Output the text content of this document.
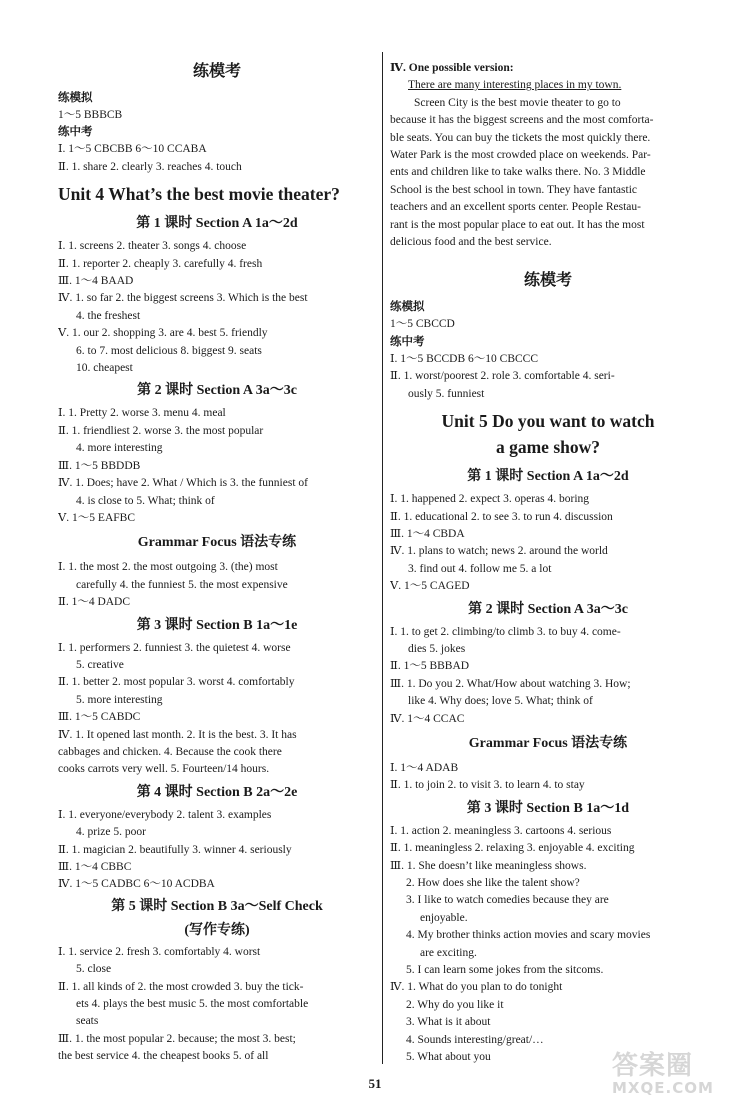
练模考
练模拟
1～5 BBBCB
练中考
Ⅰ. 1～5 CBCBB 6～10 CCABA
Ⅱ. 1. share 2. clearly 3. reaches 4. touch
Unit 4 What’s the best movie theater?
第 1 课时 Section A 1a～2d
Ⅰ. 1. screens 2. theater 3. songs 4. choose
Ⅱ. 1. reporter 2. cheaply 3. carefully 4. fresh
Ⅲ. 1～4 BAAD
Ⅳ. 1. so far 2. the biggest screens 3. Which is the best
4. the freshest
Ⅴ. 1. our 2. shopping 3. are 4. best 5. friendly
6. to 7. most delicious 8. biggest 9. seats
10. cheapest
第 2 课时 Section A 3a～3c
Ⅰ. 1. Pretty 2. worse 3. menu 4. meal
Ⅱ. 1. friendliest 2. worse 3. the most popular
4. more interesting
Ⅲ. 1～5 BBDDB
Ⅳ. 1. Does; have 2. What / Which is 3. the funniest of
4. is close to 5. What; think of
Ⅴ. 1～5 EAFBC
Grammar Focus 语法专练
Ⅰ. 1. the most 2. the most outgoing 3. (the) most
carefully 4. the funniest 5. the most expensive
Ⅱ. 1～4 DADC
第 3 课时 Section B 1a～1e
Ⅰ. 1. performers 2. funniest 3. the quietest 4. worse
5. creative
Ⅱ. 1. better 2. most popular 3. worst 4. comfortably
5. more interesting
Ⅲ. 1～5 CABDC
Ⅳ. 1. It opened last month. 2. It is the best. 3. It has
cabbages and chicken. 4. Because the cook there
cooks carrots very well. 5. Fourteen/14 hours.
第 4 课时 Section B 2a～2e
Ⅰ. 1. everyone/everybody 2. talent 3. examples
4. prize 5. poor
Ⅱ. 1. magician 2. beautifully 3. winner 4. seriously
Ⅲ. 1～4 CBBC
Ⅳ. 1～5 CADBC 6～10 ACDBA
第 5 课时 Section B 3a～Self Check
(写作专练)
Ⅰ. 1. service 2. fresh 3. comfortably 4. worst
5. close
Ⅱ. 1. all kinds of 2. the most crowded 3. buy the tick-
ets 4. plays the best music 5. the most comfortable
seats
Ⅲ. 1. the most popular 2. because; the most 3. best;
the best service 4. the cheapest books 5. of all
Ⅳ. One possible version:
There are many interesting places in my town.
Screen City is the best movie theater to go to
because it has the biggest screens and the most comforta-
ble seats. You can buy the tickets the most quickly there.
Water Park is the most crowded place on weekends. Par-
ents and children like to take walks there. No. 3 Middle
School is the best school in town. They have fantastic
teachers and an excellent sports center. People Restau-
rant is the most popular place to eat out. It has the most
delicious food and the best service.
练模考
练模拟
1～5 CBCCD
练中考
Ⅰ. 1～5 BCCDB 6～10 CBCCC
Ⅱ. 1. worst/poorest 2. role 3. comfortable 4. seri-
ously 5. funniest
Unit 5 Do you want to watch
a game show?
第 1 课时 Section A 1a～2d
Ⅰ. 1. happened 2. expect 3. operas 4. boring
Ⅱ. 1. educational 2. to see 3. to run 4. discussion
Ⅲ. 1～4 CBDA
Ⅳ. 1. plans to watch; news 2. around the world
3. find out 4. follow me 5. a lot
Ⅴ. 1～5 CAGED
第 2 课时 Section A 3a～3c
Ⅰ. 1. to get 2. climbing/to climb 3. to buy 4. come-
dies 5. jokes
Ⅱ. 1～5 BBBAD
Ⅲ. 1. Do you 2. What/How about watching 3. How;
like 4. Why does; love 5. What; think of
Ⅳ. 1～4 CCAC
Grammar Focus 语法专练
Ⅰ. 1～4 ADAB
Ⅱ. 1. to join 2. to visit 3. to learn 4. to stay
第 3 课时 Section B 1a～1d
Ⅰ. 1. action 2. meaningless 3. cartoons 4. serious
Ⅱ. 1. meaningless 2. relaxing 3. enjoyable 4. exciting
Ⅲ. 1. She doesn’t like meaningless shows.
2. How does she like the talent show?
3. I like to watch comedies because they are
enjoyable.
4. My brother thinks action movies and scary movies
are exciting.
5. I can learn some jokes from the sitcoms.
Ⅳ. 1. What do you plan to do tonight
2. Why do you like it
3. What is it about
4. Sounds interesting/great/…
5. What about you
51
答案圈
MXQE.COM
